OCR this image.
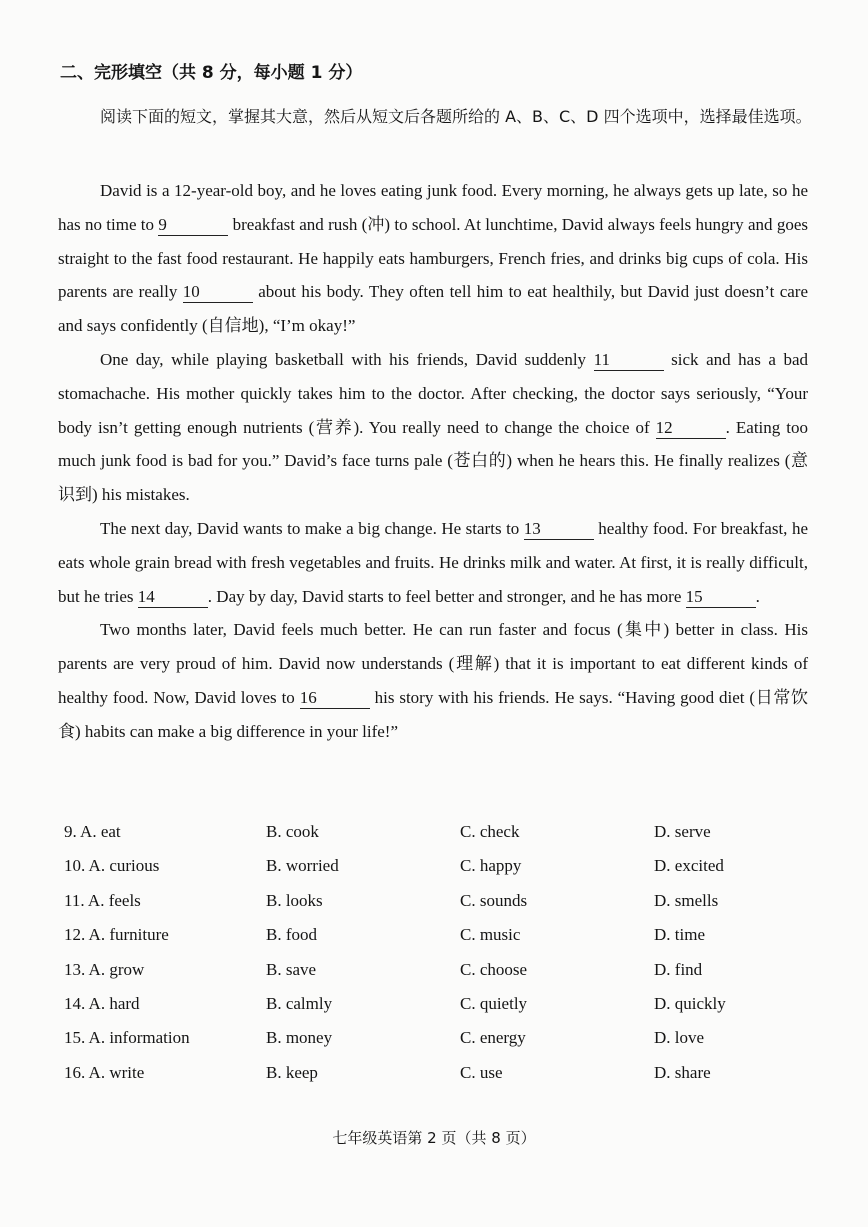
二、完形填空（共 8 分，每小题 1 分）
阅读下面的短文，掌握其大意，然后从短文后各题所给的 A、B、C、D 四个选项中，选择最佳选项。

David is a 12-year-old boy, and he loves eating junk food. Every morning, he always gets up late, so he has no time to 9	breakfast and rush (冲) to school. At lunchtime, David always feels hungry and goes straight to the fast food restaurant. He happily eats hamburgers, French fries, and drinks big cups of cola. His parents are really 10	about his body. They often tell him to eat healthily, but David just doesn’t care and says confidently (自信地), “I’m okay!”

One day, while playing basketball with his friends, David suddenly 11	sick and has a bad stomachache. His mother quickly takes him to the doctor. After checking, the doctor says seriously, “Your body isn’t getting enough nutrients (营养). You really need to change the choice of 12	. Eating too much junk food is bad for you.” David’s face turns pale (苍白的) when he hears this. He finally realizes (意识到) his mistakes.

The next day, David wants to make a big change. He starts to 13	healthy food. For breakfast, he eats whole grain bread with fresh vegetables and fruits. He drinks milk and water. At first, it is really difficult, but he tries 14	. Day by day, David starts to feel better and stronger, and he has more 15	.

Two months later, David feels much better. He can run faster and focus (集中) better in class. His parents are very proud of him. David now understands (理解) that it is important to eat different kinds of healthy food. Now, David loves to 16	his story with his friends. He says. “Having good diet (日常饮食) habits can make a big difference in your life!”

9. A. eat	B. cook	C. check	D. serve
10. A. curious	B. worried	C. happy	D. excited
11. A. feels	B. looks	C. sounds	D. smells
12. A. furniture	B. food	C. music	D. time
13. A. grow	B. save	C. choose	D. find
14. A. hard	B. calmly	C. quietly	D. quickly
15. A. information	B. money	C. energy	D. love
16. A. write	B. keep	C. use	D. share
七年级英语第 2 页（共 8 页）
